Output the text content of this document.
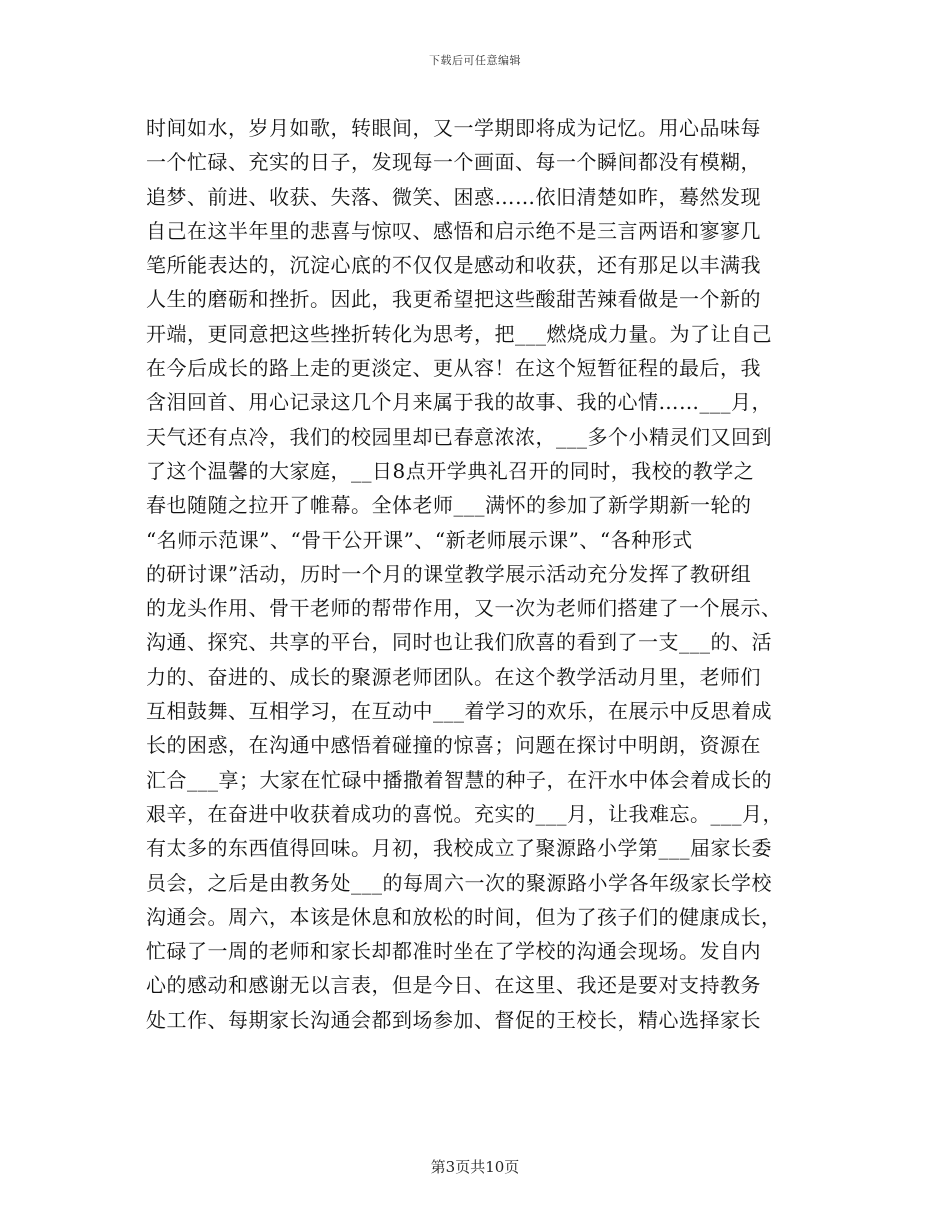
下载后可任意编辑
时间如水，岁月如歌，转眼间，又一学期即将成为记忆。用心品味每
一个忙碌、充实的日子，发现每一个画面、每一个瞬间都没有模糊，
追梦、前进、收获、失落、微笑、困惑……依旧清楚如昨，蓦然发现
自己在这半年里的悲喜与惊叹、感悟和启示绝不是三言两语和寥寥几
笔所能表达的，沉淀心底的不仅仅是感动和收获，还有那足以丰满我
人生的磨砺和挫折。因此，我更希望把这些酸甜苦辣看做是一个新的
开端，更同意把这些挫折转化为思考，把___燃烧成力量。为了让自己
在今后成长的路上走的更淡定、更从容！在这个短暂征程的最后，我
含泪回首、用心记录这几个月来属于我的故事、我的心情……___月，
天气还有点冷，我们的校园里却已春意浓浓，___多个小精灵们又回到
了这个温馨的大家庭，__日8点开学典礼召开的同时，我校的教学之
春也随随之拉开了帷幕。全体老师___满怀的参加了新学期新一轮的
“名师示范课”、“骨干公开课”、“新老师展示课”、“各种形式
的研讨课”活动，历时一个月的课堂教学展示活动充分发挥了教研组
的龙头作用、骨干老师的帮带作用，又一次为老师们搭建了一个展示、
沟通、探究、共享的平台，同时也让我们欣喜的看到了一支___的、活
力的、奋进的、成长的聚源老师团队。在这个教学活动月里，老师们
互相鼓舞、互相学习，在互动中___着学习的欢乐，在展示中反思着成
长的困惑，在沟通中感悟着碰撞的惊喜；问题在探讨中明朗，资源在
汇合___享；大家在忙碌中播撒着智慧的种子，在汗水中体会着成长的
艰辛，在奋进中收获着成功的喜悦。充实的___月，让我难忘。___月，
有太多的东西值得回味。月初，我校成立了聚源路小学第___届家长委
员会，之后是由教务处___的每周六一次的聚源路小学各年级家长学校
沟通会。周六，本该是休息和放松的时间，但为了孩子们的健康成长，
忙碌了一周的老师和家长却都准时坐在了学校的沟通会现场。发自内
心的感动和感谢无以言表，但是今日、在这里、我还是要对支持教务
处工作、每期家长沟通会都到场参加、督促的王校长，精心选择家长
第3页共10页
